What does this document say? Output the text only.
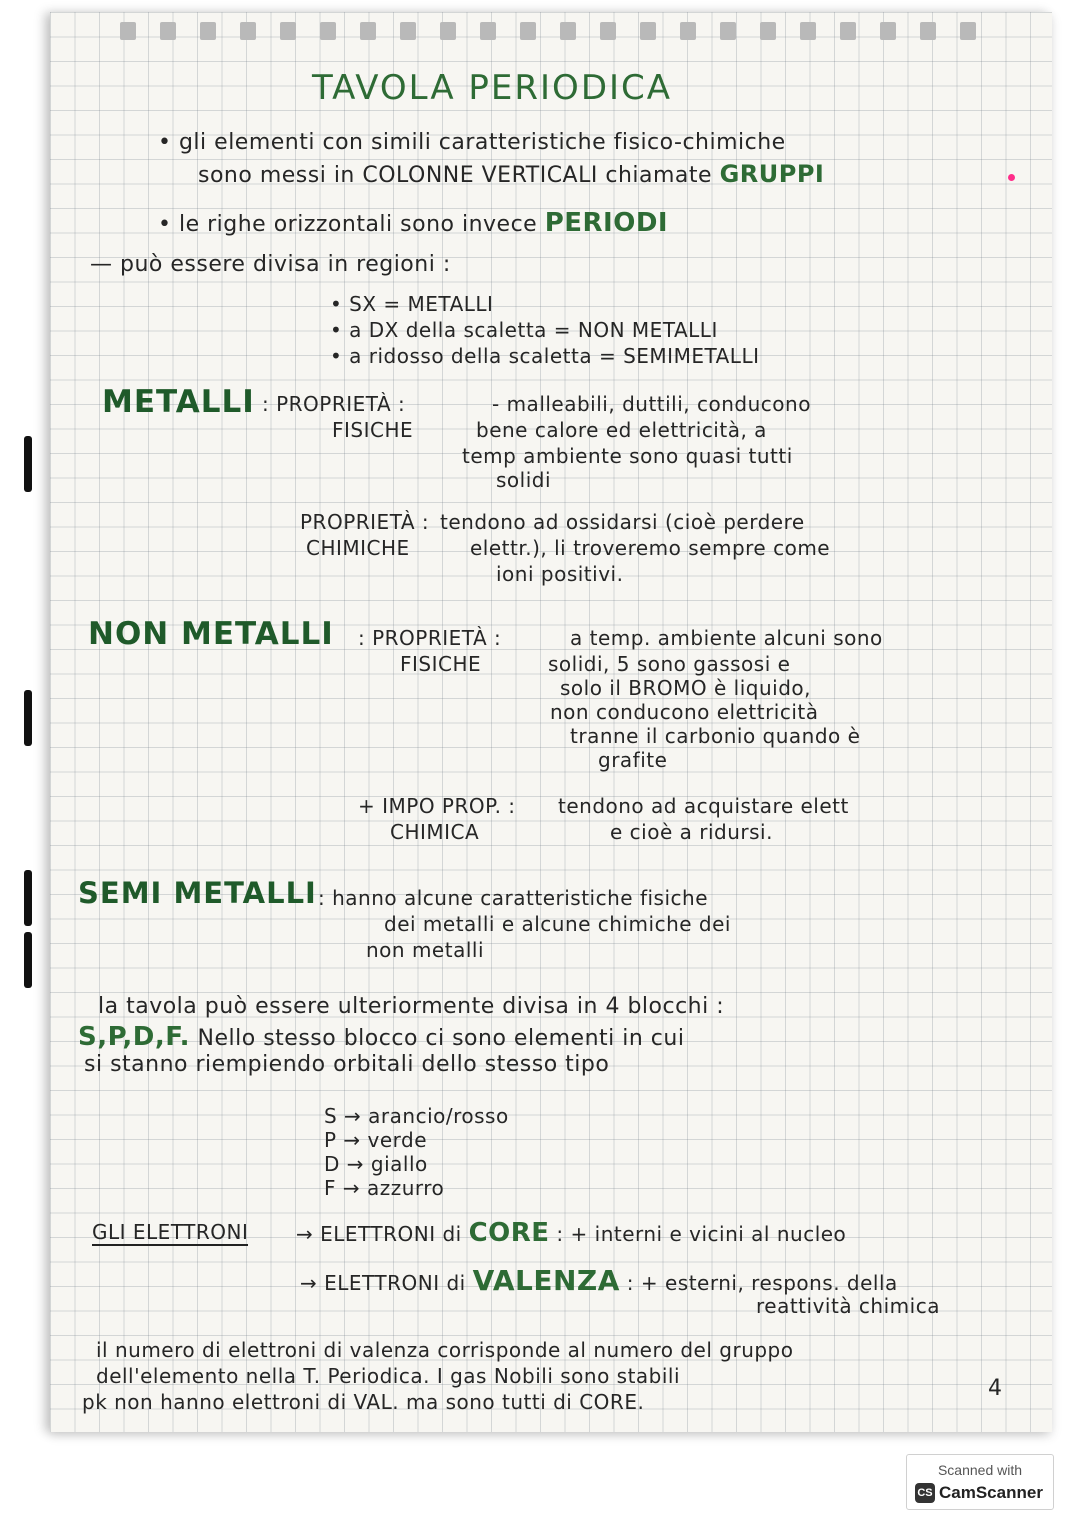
TAVOLA PERIODICA
• gli elementi con simili caratteristiche fisico-chimiche
sono messi in COLONNE VERTICALI chiamate GRUPPI
• le righe orizzontali sono invece PERIODI
— può essere divisa in regioni :
• SX = METALLI
• a DX della scaletta = NON METALLI
• a ridosso della scaletta = SEMIMETALLI
METALLI : PROPRIETÀ :
FISICHE
- malleabili, duttili, conducono
bene calore ed elettricità, a
temp ambiente sono quasi tutti
solidi
PROPRIETÀ :
CHIMICHE
tendono ad ossidarsi (cioè perdere
elettr.), li troveremo sempre come
ioni positivi.
NON METALLI : PROPRIETÀ :
FISICHE
a temp. ambiente alcuni sono
solidi, 5 sono gassosi e
solo il BROMO è liquido,
non conducono elettricità
tranne il carbonio quando è
grafite
+ IMPO PROP. :
CHIMICA
tendono ad acquistare elett
e cioè a ridursi.
SEMI METALLI : hanno alcune caratteristiche fisiche
dei metalli e alcune chimiche dei
non metalli
la tavola può essere ulteriormente divisa in 4 blocchi :
S,P,D,F. Nello stesso blocco ci sono elementi in cui
si stanno riempiendo orbitali dello stesso tipo
S → arancio/rosso
P → verde
D → giallo
F → azzurro
GLI ELETTRONI → ELETTRONI di CORE : + interni e vicini al nucleo
→ ELETTRONI di VALENZA : + esterni, respons. della
reattività chimica
il numero di elettroni di valenza corrisponde al numero del gruppo
dell'elemento nella T. Periodica. I gas Nobili sono stabili
pk non hanno elettroni di VAL. ma sono tutti di CORE.
4
Scanned with
CS CamScanner
